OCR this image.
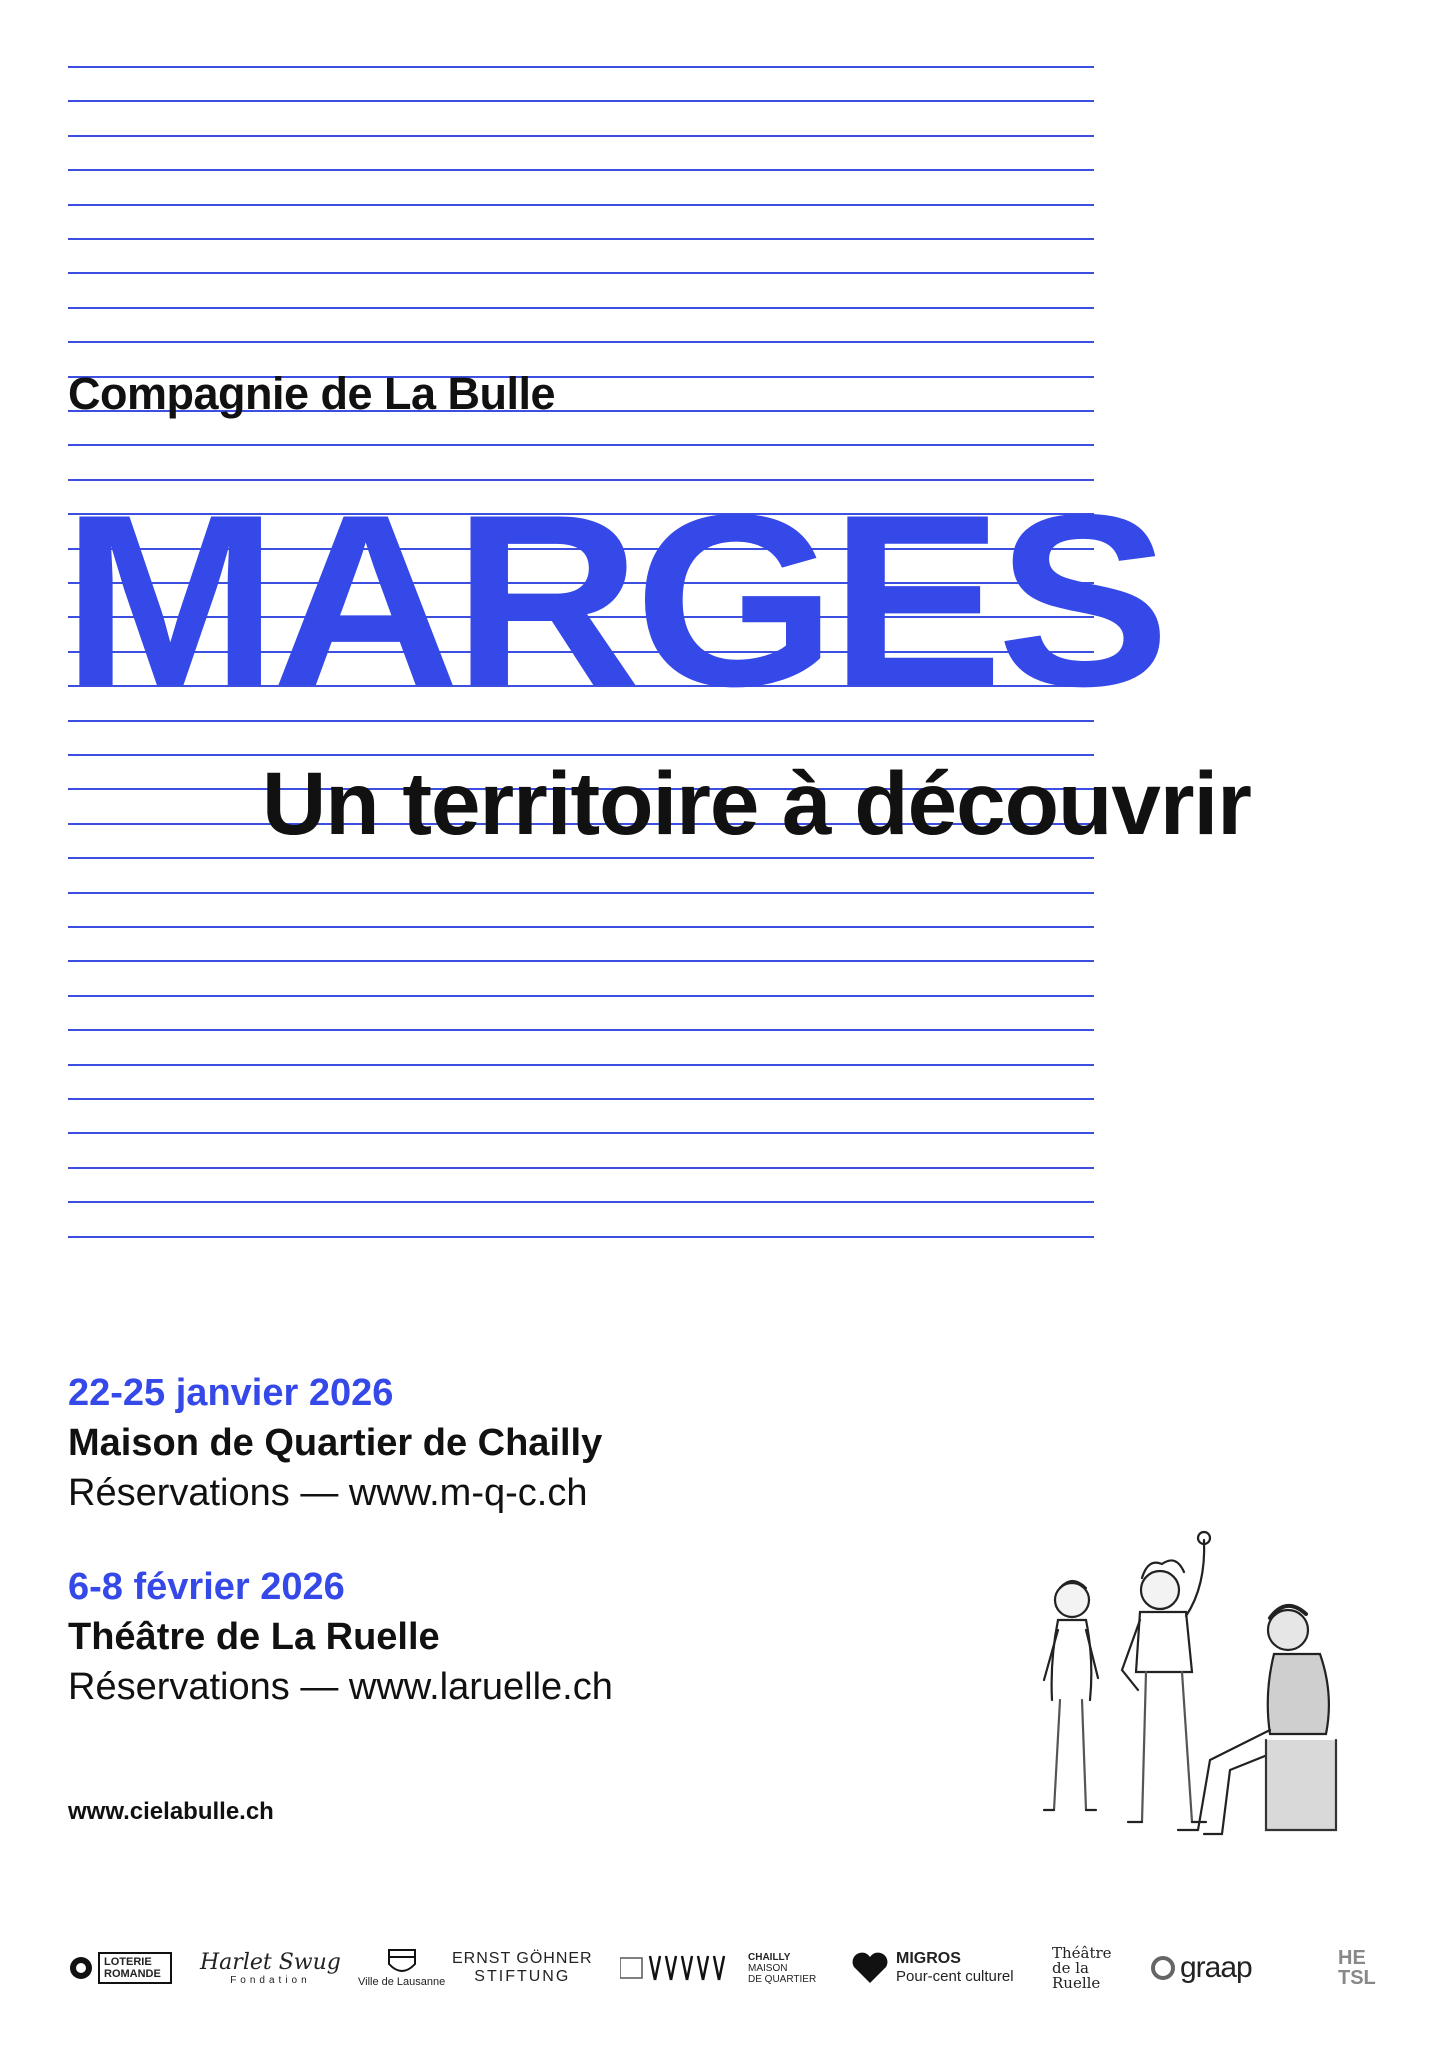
Compagnie de La Bulle
MARGES
Un territoire à découvrir
22-25 janvier 2026
Maison de Quartier de Chailly
Réservations — www.m-q-c.ch
6-8 février 2026
Théâtre de La Ruelle
Réservations — www.laruelle.ch
www.cielabulle.ch
LOTERIE ROMANDE	Harlet Swug
Fondation	Ville de Lausanne
ERNST GÖHNER
STIFTUNG
CHAILLY
MAISON
DE QUARTIER
MIGROS
Pour-cent culturel
Théâtre de la Ruelle	graap	HE TSL
